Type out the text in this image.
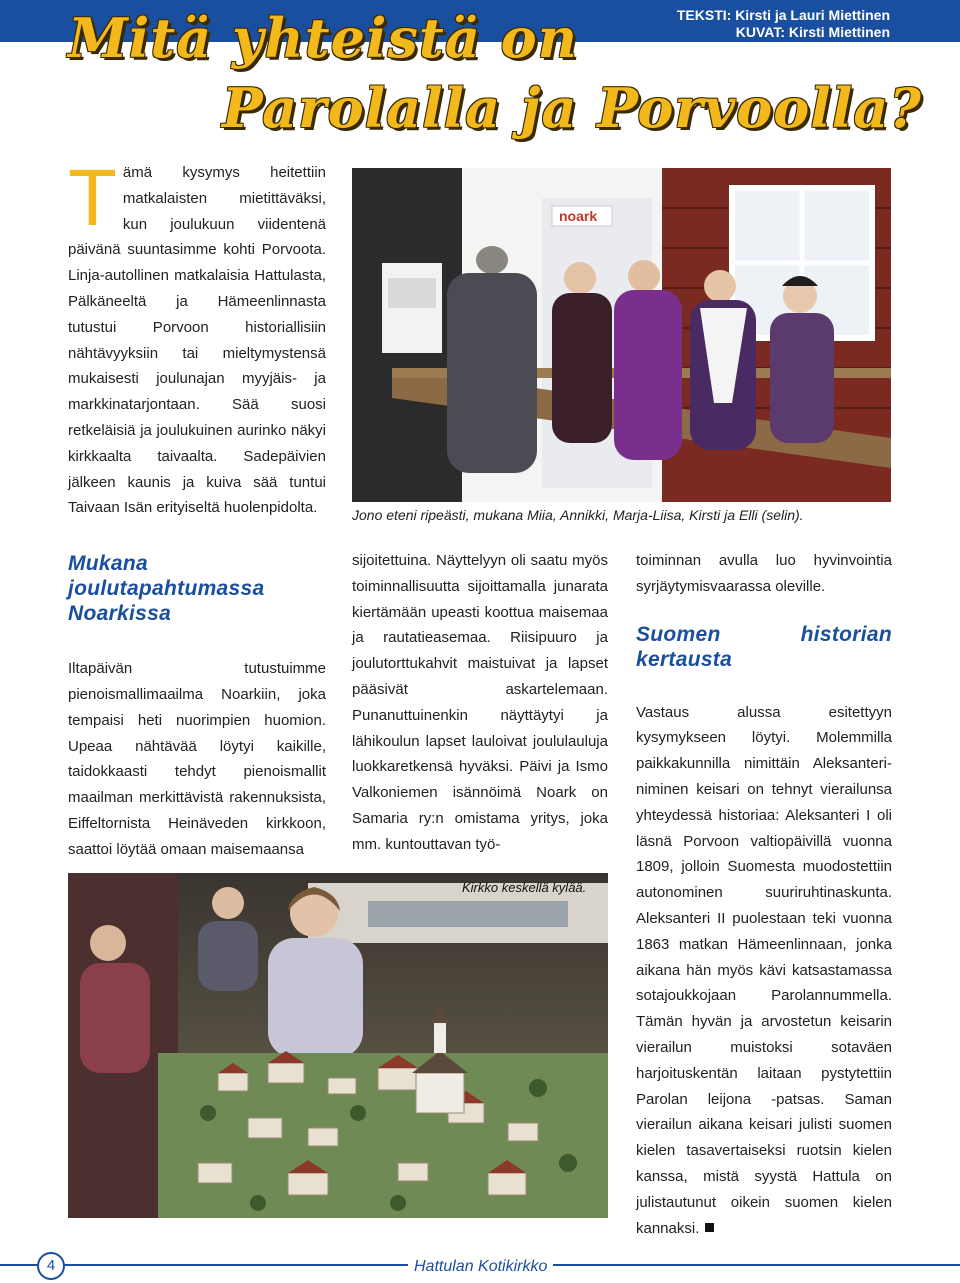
TEKSTI: Kirsti ja Lauri Miettinen
KUVAT: Kirsti Miettinen
Mitä yhteistä on
Parolalla ja Porvoolla?

Tämä kysymys heitettiin matkalaisten mietittäväksi, kun joulukuun viidentenä päivänä suuntasimme kohti Porvoota. Linja-autollinen matkalaisia Hattulasta, Pälkäneeltä ja Hämeenlinnasta tutustui Porvoon historiallisiin nähtävyyksiin tai mieltymystensä mukaisesti joulunajan myyjäis- ja markkinatarjontaan. Sää suosi retkeläisiä ja joulukuinen aurinko näkyi kirkkaalta taivaalta. Sadepäivien jälkeen kaunis ja kuiva sää tuntui Taivaan Isän erityiseltä huolenpidolta.

Mukana joulutapahtumassa Noarkissa

Iltapäivän tutustuimme pienoismallimaailma Noarkiin, joka tempaisi heti nuorimpien huomion. Upeaa nähtävää löytyi kaikille, taidokkaasti tehdyt pienoismallit maailman merkittävistä rakennuksista, Eiffeltornista Heinäveden kirkkoon, saattoi löytää omaan maisemaansa

noark
Jono eteni ripeästi, mukana Miia, Annikki, Marja-Liisa, Kirsti ja Elli (selin).

sijoitettuina. Näyttelyyn oli saatu myös toiminnallisuutta sijoittamalla junarata kiertämään upeasti koottua maisemaa ja rautatieasemaa. Riisipuuro ja joulutorttukahvit maistuivat ja lapset pääsivät askartelemaan. Punanuttuinenkin näyttäytyi ja lähikoulun lapset lauloivat joululauluja luokkaretkensä hyväksi. Päivi ja Ismo Valkoniemen isännöimä Noark on Samaria ry:n omistama yritys, joka mm. kuntouttavan työ-

toiminnan avulla luo hyvinvointia syrjäytymisvaarassa oleville.

Suomen historian kertausta

Vastaus alussa esitettyyn kysymykseen löytyi. Molemmilla paikkakunnilla nimittäin Aleksanteri-niminen keisari on tehnyt vierailunsa yhteydessä historiaa: Aleksanteri I oli läsnä Porvoon valtiopäivillä vuonna 1809, jolloin Suomesta muodostettiin autonominen suuriruhtinaskunta. Aleksanteri II puolestaan teki vuonna 1863 matkan Hämeenlinnaan, jonka aikana hän myös kävi katsastamassa sotajoukkojaan Parolannummella. Tämän hyvän ja arvostetun keisarin vierailun muistoksi sotaväen harjoituskentän laitaan pystytettiin Parolan leijona -patsas. Saman vierailun aikana keisari julisti suomen kielen tasavertaiseksi ruotsin kielen kanssa, mistä syystä Hattula on julistautunut oikein suomen kielen kannaksi.

Kirkko keskellä kylää.
4	Hattulan Kotikirkko
